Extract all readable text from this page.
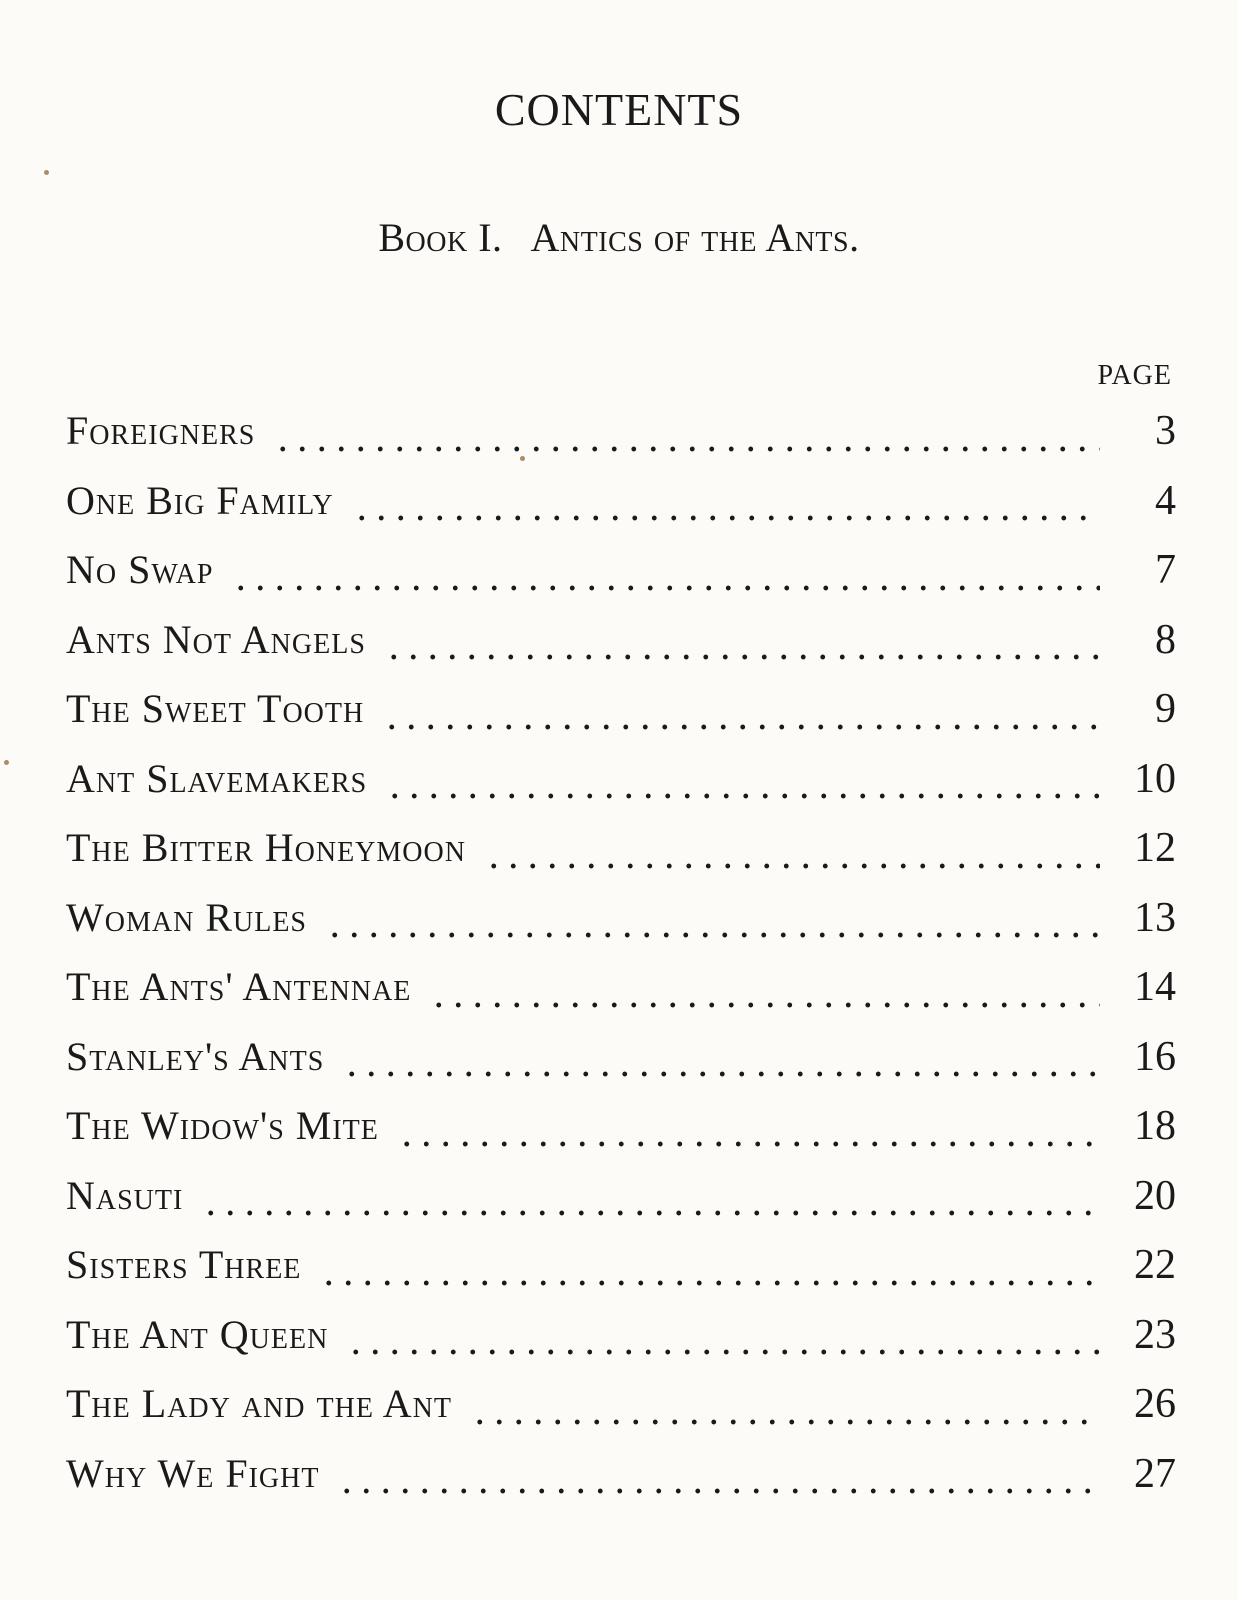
CONTENTS
Book I. Antics of the Ants.
PAGE
Foreigners	3
One Big Family	4
No Swap	7
Ants Not Angels	8
The Sweet Tooth	9
Ant Slavemakers	10
The Bitter Honeymoon	12
Woman Rules	13
The Ants' Antennae	14
Stanley's Ants	16
The Widow's Mite	18
Nasuti	20
Sisters Three	22
The Ant Queen	23
The Lady and the Ant	26
Why We Fight	27
